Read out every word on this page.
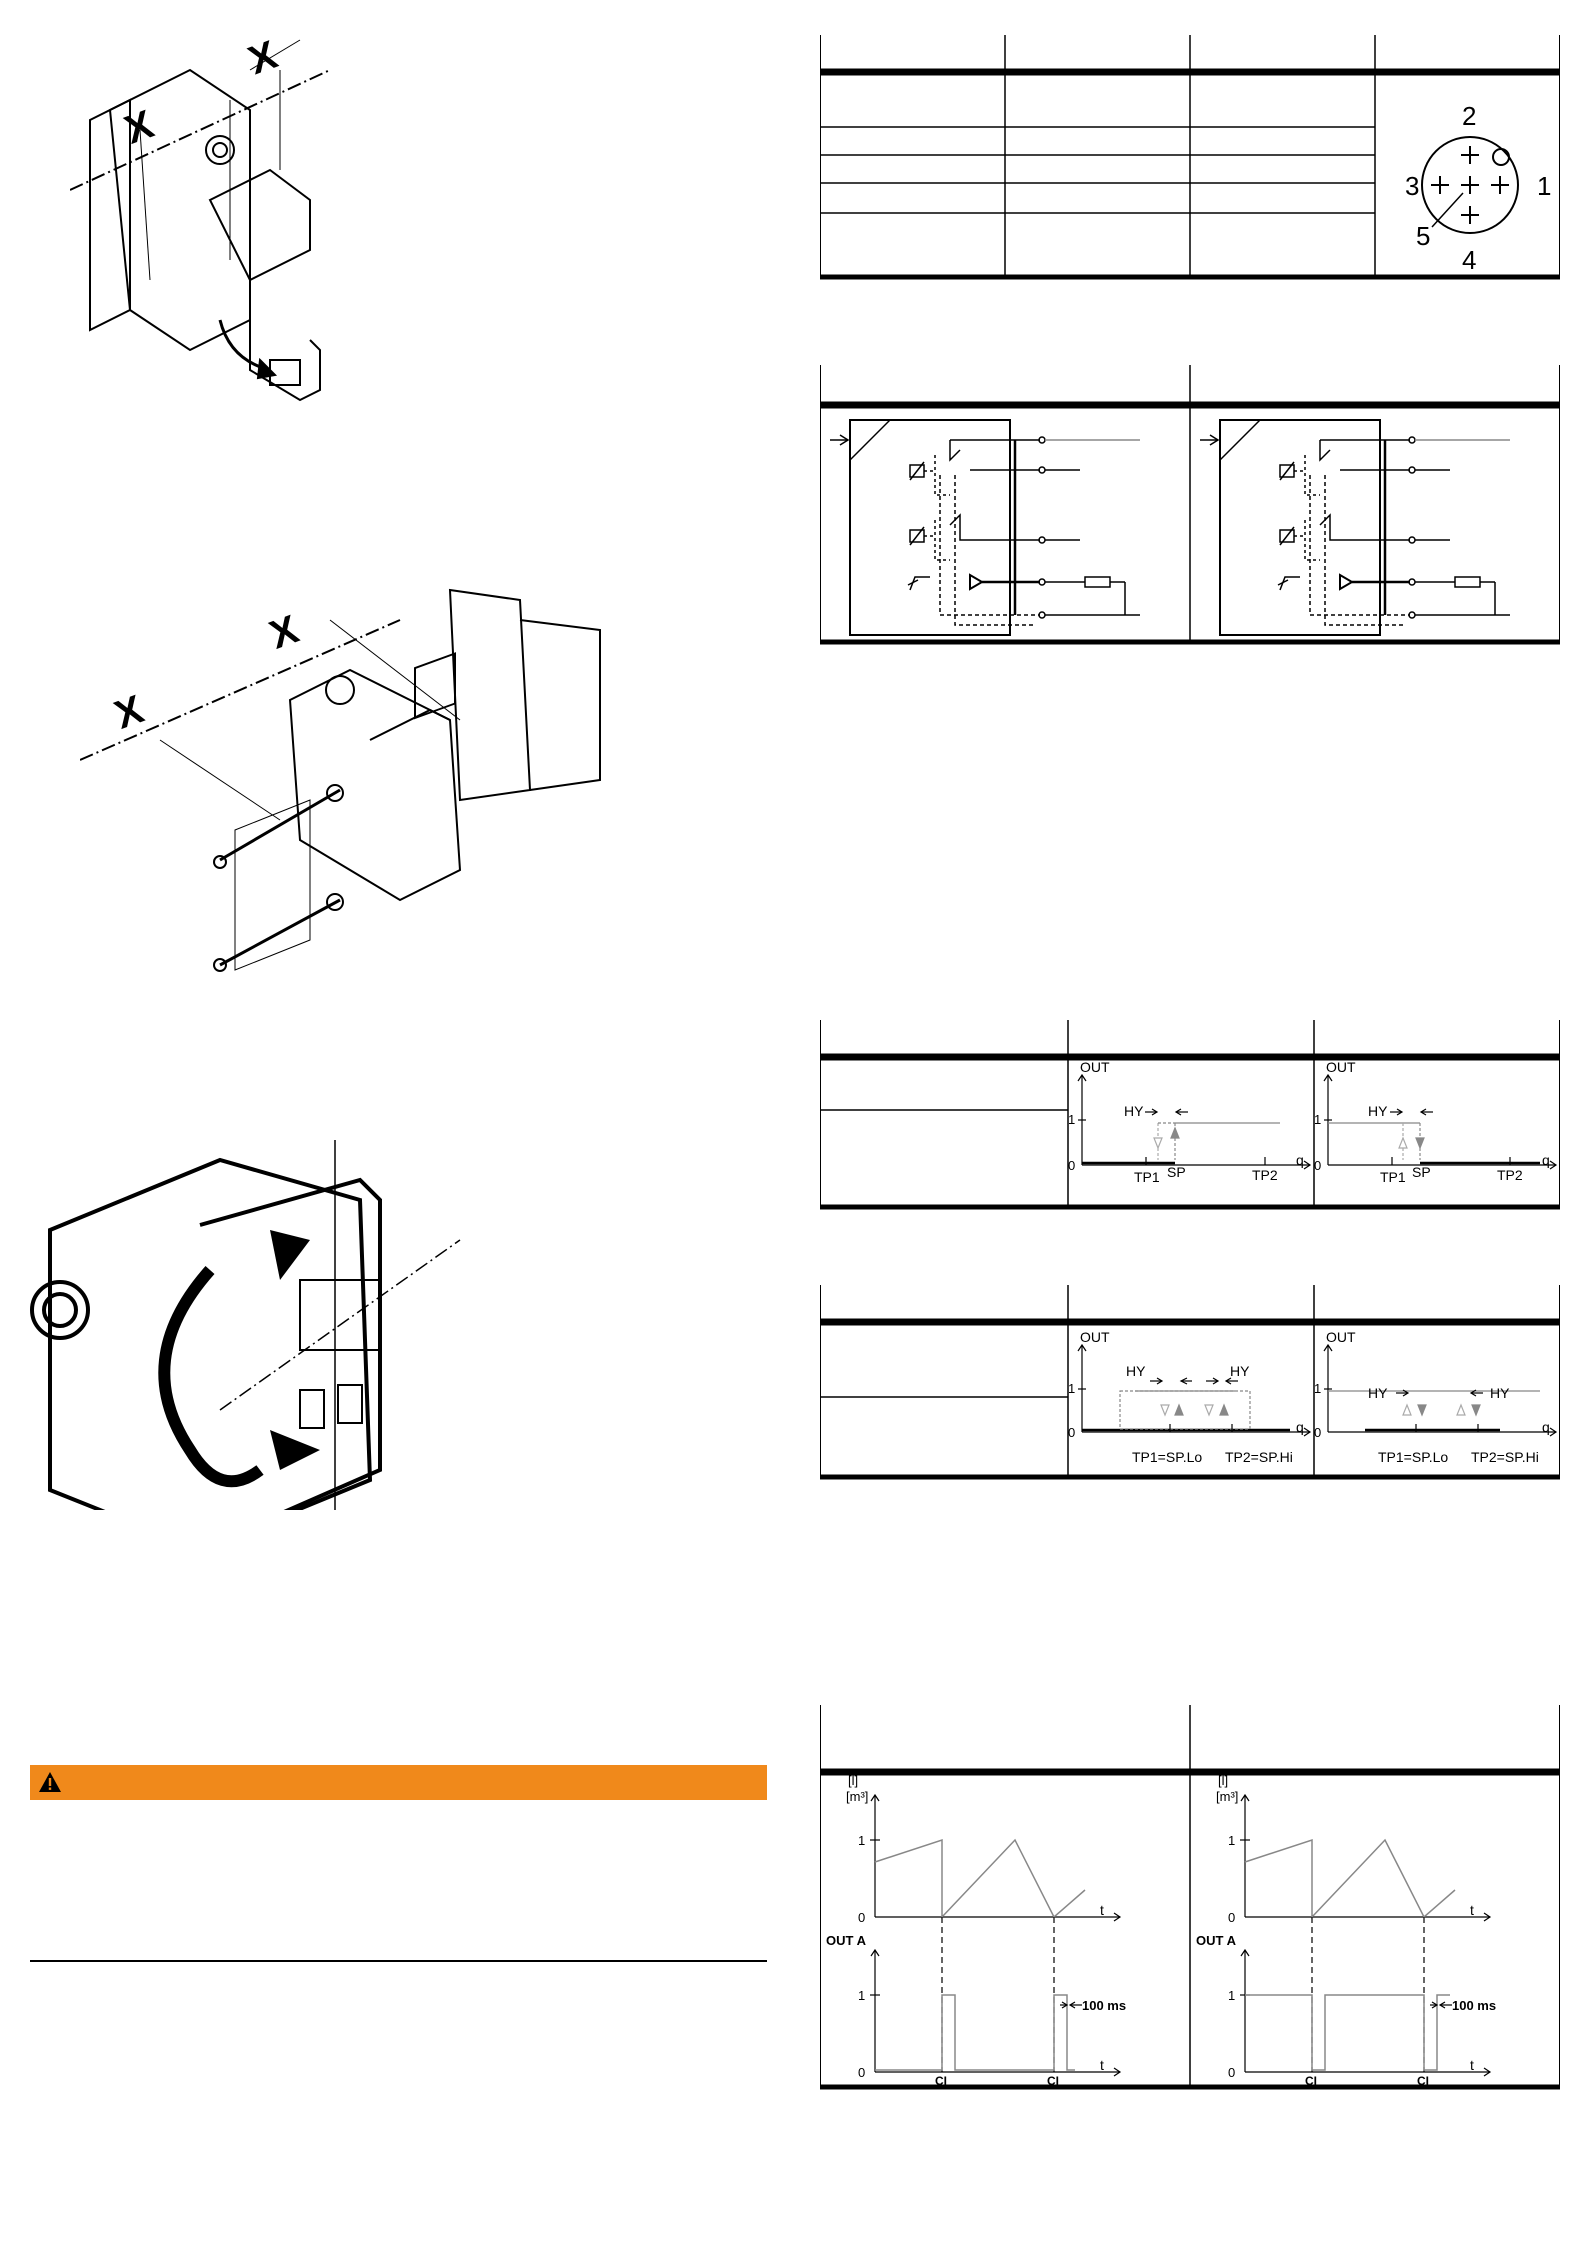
X
X
X
X
1
2
3
4
5
OUT
1
0	q
HY
TP1 SP	TP2
OUT
1
0	q
HY
TP1 SP	TP2
OUT
1
0	q
HY	HY
TP1=SP.Lo TP2=SP.Hi
OUT
1
0	q
HY	HY
TP1=SP.Lo TP2=SP.Hi
[l]
[m³]
1
0	t
OUT A
1
0	t
CI	CI
100 ms
[l]
[m³]
1
0	t
OUT A
1
0	t
CI	CI
100 ms
